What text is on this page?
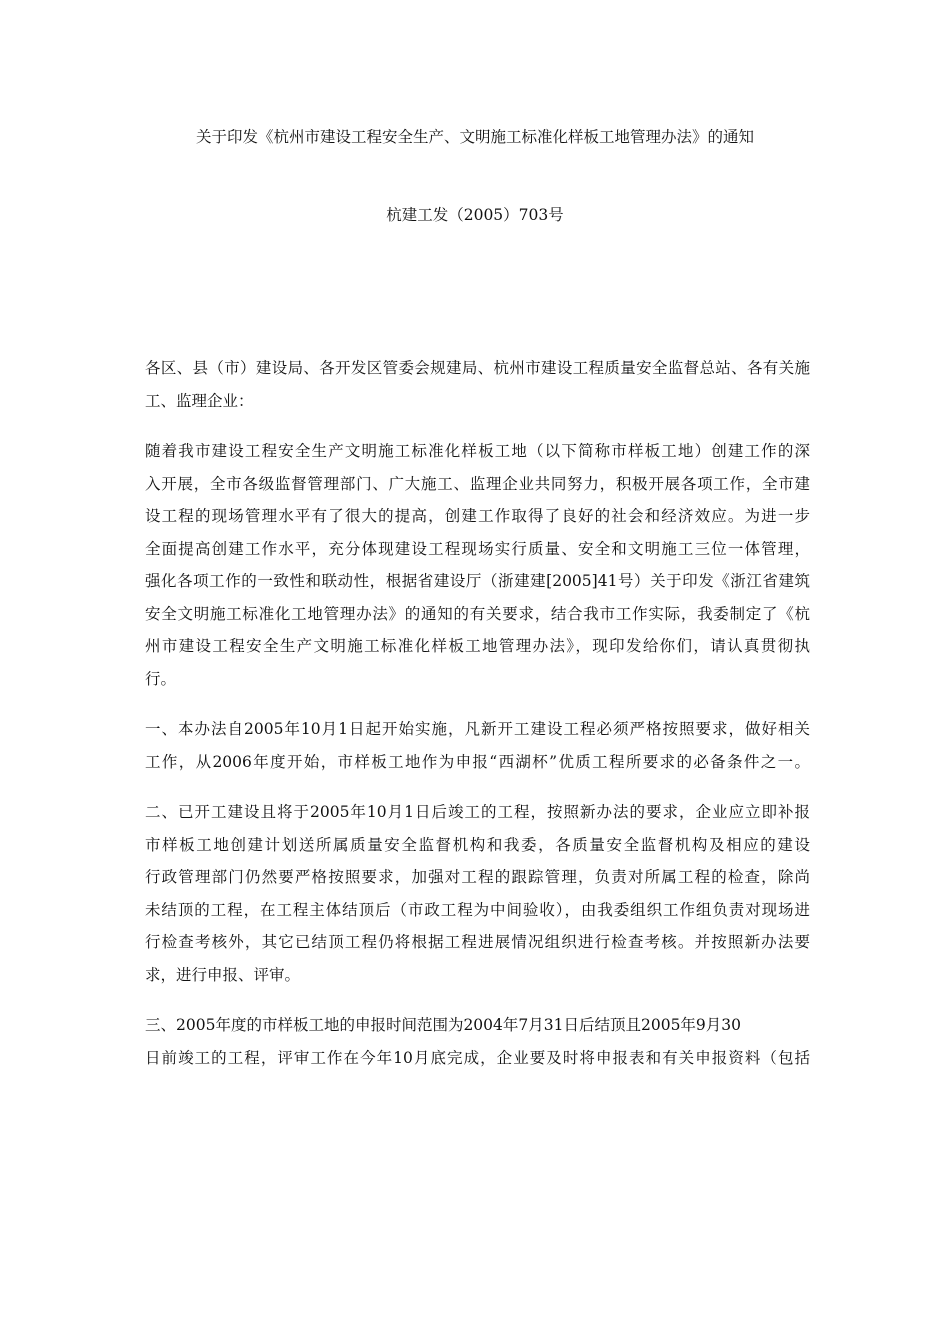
关于印发《杭州市建设工程安全生产、文明施工标准化样板工地管理办法》的通知
杭建工发（2005）703号

各区、县（市）建设局、各开发区管委会规建局、杭州市建设工程质量安全监督总站、各有关施
工、监理企业：

随着我市建设工程安全生产文明施工标准化样板工地（以下简称市样板工地）创建工作的深
入开展，全市各级监督管理部门、广大施工、监理企业共同努力，积极开展各项工作，全市建
设工程的现场管理水平有了很大的提高，创建工作取得了良好的社会和经济效应。为进一步
全面提高创建工作水平，充分体现建设工程现场实行质量、安全和文明施工三位一体管理，
强化各项工作的一致性和联动性，根据省建设厅（浙建建[2005]41号）关于印发《浙江省建筑
安全文明施工标准化工地管理办法》的通知的有关要求，结合我市工作实际，我委制定了《杭
州市建设工程安全生产文明施工标准化样板工地管理办法》，现印发给你们，请认真贯彻执
行。

一、本办法自2005年10月1日起开始实施，凡新开工建设工程必须严格按照要求，做好相关
工作，从2006年度开始，市样板工地作为申报“西湖杯”优质工程所要求的必备条件之一。

二、已开工建设且将于2005年10月1日后竣工的工程，按照新办法的要求，企业应立即补报
市样板工地创建计划送所属质量安全监督机构和我委，各质量安全监督机构及相应的建设
行政管理部门仍然要严格按照要求，加强对工程的跟踪管理，负责对所属工程的检查，除尚
未结顶的工程，在工程主体结顶后（市政工程为中间验收），由我委组织工作组负责对现场进
行检查考核外，其它已结顶工程仍将根据工程进展情况组织进行检查考核。并按照新办法要
求，进行申报、评审。

三、2005年度的市样板工地的申报时间范围为2004年7月31日后结顶且2005年9月30
日前竣工的工程，评审工作在今年10月底完成，企业要及时将申报表和有关申报资料（包括
